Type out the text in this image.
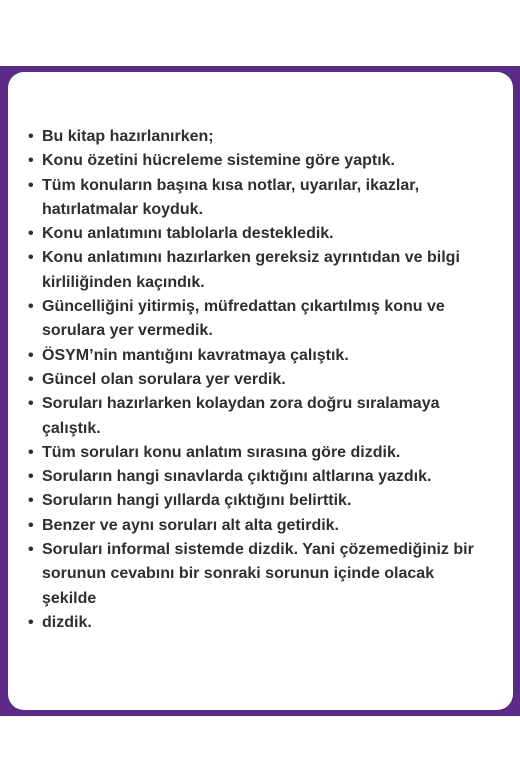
• Bu kitap hazırlanırken;
• Konu özetini hücreleme sistemine göre yaptık.
• Tüm konuların başına kısa notlar, uyarılar, ikazlar,
hatırlatmalar koyduk.
• Konu anlatımını tablolarla destekledik.
• Konu anlatımını hazırlarken gereksiz ayrıntıdan ve bilgi
kirliliğinden kaçındık.
• Güncelliğini yitirmiş, müfredattan çıkartılmış konu ve
sorulara yer vermedik.
• ÖSYM’nin mantığını kavratmaya çalıştık.
• Güncel olan sorulara yer verdik.
• Soruları hazırlarken kolaydan zora doğru sıralamaya
çalıştık.
• Tüm soruları konu anlatım sırasına göre dizdik.
• Soruların hangi sınavlarda çıktığını altlarına yazdık.
• Soruların hangi yıllarda çıktığını belirttik.
• Benzer ve aynı soruları alt alta getirdik.
• Soruları informal sistemde dizdik. Yani çözemediğiniz bir
sorunun cevabını bir sonraki sorunun içinde olacak
şekilde
• dizdik.
